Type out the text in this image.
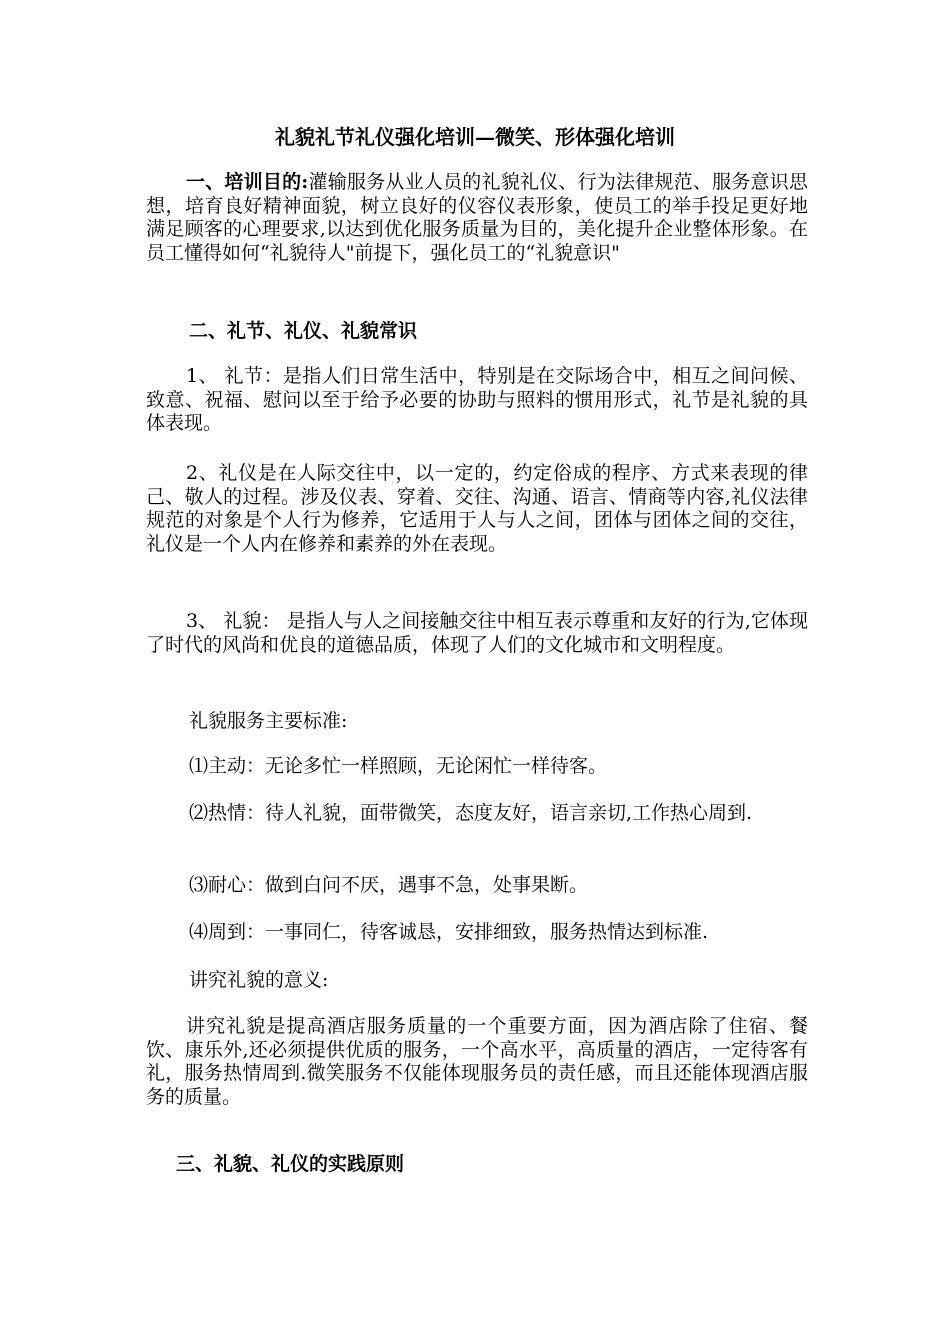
礼貌礼节礼仪强化培训—微笑、形体强化培训

一、培训目的:灌输服务从业人员的礼貌礼仪、行为法律规范、服务意识思想，培育良好精神面貌，树立良好的仪容仪表形象，使员工的举手投足更好地满足顾客的心理要求,以达到优化服务质量为目的，美化提升企业整体形象。在员工懂得如何“礼貌待人"前提下，强化员工的“礼貌意识"

二、礼节、礼仪、礼貌常识

1、 礼节：是指人们日常生活中，特别是在交际场合中，相互之间问候、致意、祝福、慰问以至于给予必要的协助与照料的惯用形式，礼节是礼貌的具体表现。

2、礼仪是在人际交往中，以一定的，约定俗成的程序、方式来表现的律己、敬人的过程。涉及仪表、穿着、交往、沟通、语言、情商等内容,礼仪法律规范的对象是个人行为修养，它适用于人与人之间，团体与团体之间的交往，礼仪是一个人内在修养和素养的外在表现。

3、 礼貌： 是指人与人之间接触交往中相互表示尊重和友好的行为,它体现了时代的风尚和优良的道德品质，体现了人们的文化城市和文明程度。

礼貌服务主要标准:
⑴主动： 无论多忙一样照顾，无论闲忙一样待客。
⑵热情： 待人礼貌，面带微笑，态度友好，语言亲切,工作热心周到.
⑶耐心： 做到白问不厌，遇事不急，处事果断。
⑷周到： 一事同仁，待客诚恳，安排细致，服务热情达到标准.
讲究礼貌的意义:

讲究礼貌是提高酒店服务质量的一个重要方面，因为酒店除了住宿、餐饮、康乐外,还必须提供优质的服务，一个高水平，高质量的酒店，一定待客有礼，服务热情周到.微笑服务不仅能体现服务员的责任感，而且还能体现酒店服务的质量。

三、礼貌、礼仪的实践原则
